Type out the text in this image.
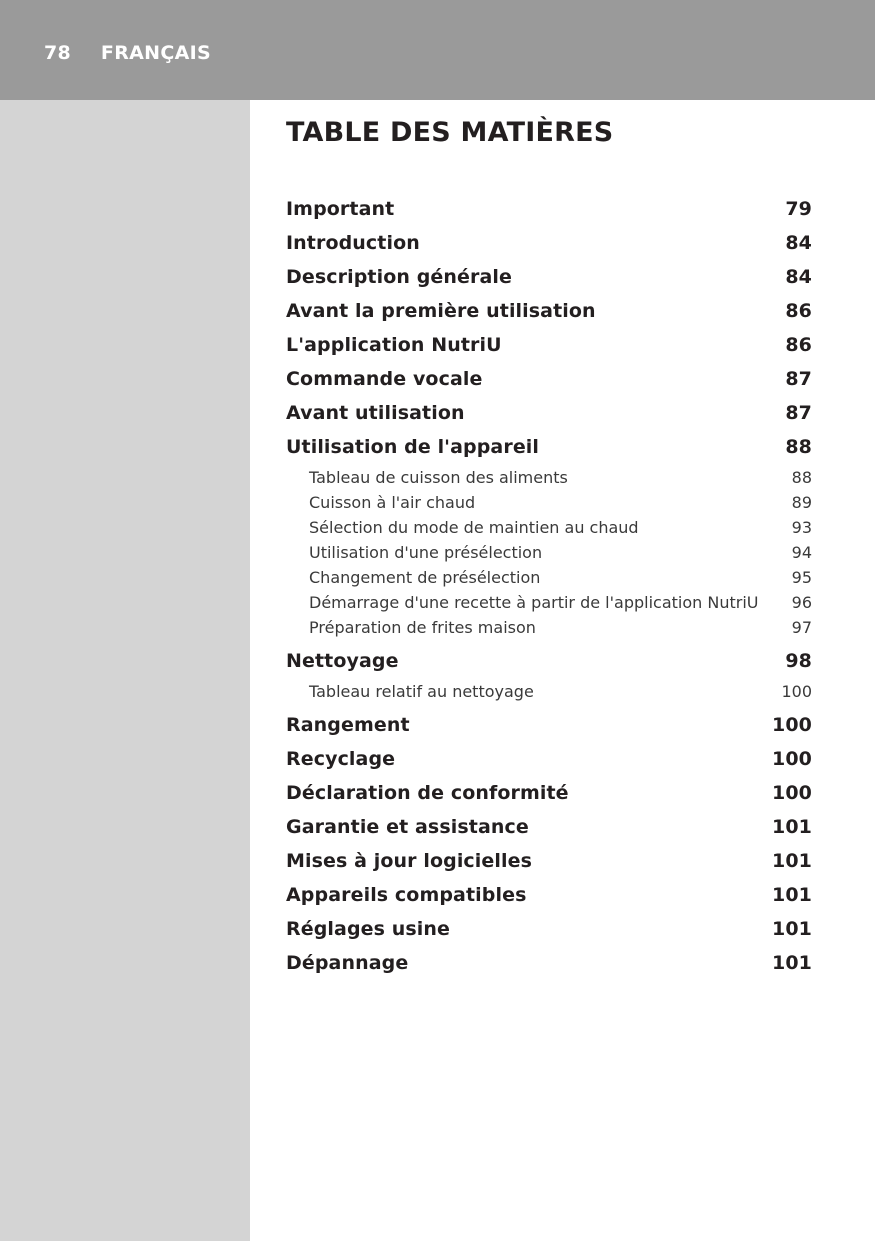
78 FRANÇAIS
TABLE DES MATIÈRES
Important	79
Introduction	84
Description générale	84
Avant la première utilisation	86
L'application NutriU	86
Commande vocale	87
Avant utilisation	87
Utilisation de l'appareil	88
Tableau de cuisson des aliments	88
Cuisson à l'air chaud	89
Sélection du mode de maintien au chaud	93
Utilisation d'une présélection	94
Changement de présélection	95
Démarrage d'une recette à partir de l'application NutriU 96
Préparation de frites maison	97
Nettoyage	98
Tableau relatif au nettoyage	100
Rangement	100
Recyclage	100
Déclaration de conformité	100
Garantie et assistance	101
Mises à jour logicielles	101
Appareils compatibles	101
Réglages usine	101
Dépannage	101
